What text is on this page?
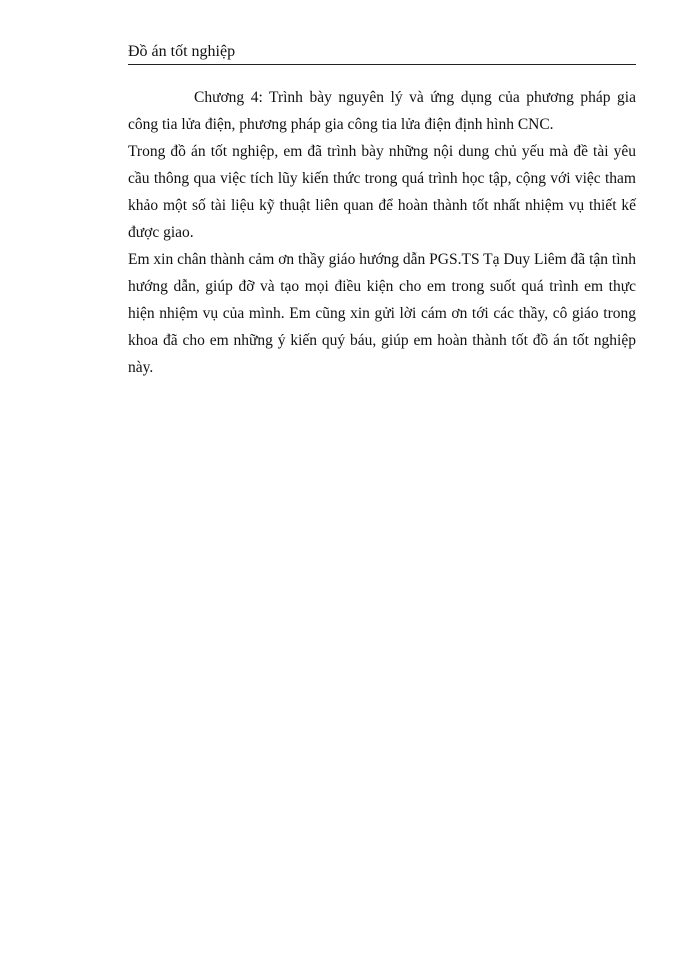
Đồ án tốt nghiệp

Chương 4: Trình bày nguyên lý và ứng dụng của phương pháp gia công tia lửa điện, phương pháp gia công tia lửa điện định hình CNC.

Trong đồ án tốt nghiệp, em đã trình bày những nội dung chủ yếu mà đề tài yêu cầu thông qua việc tích lũy kiến thức trong quá trình học tập, cộng với việc tham khảo một số tài liệu kỹ thuật liên quan để hoàn thành tốt nhất nhiệm vụ thiết kế được giao.

Em xin chân thành cảm ơn thầy giáo hướng dẫn PGS.TS Tạ Duy Liêm đã tận tình hướng dẫn, giúp đỡ và tạo mọi điều kiện cho em trong suốt quá trình em thực hiện nhiệm vụ của mình. Em cũng xin gửi lời cám ơn tới các thầy, cô giáo trong khoa đã cho em những ý kiến quý báu, giúp em hoàn thành tốt đồ án tốt nghiệp này.
